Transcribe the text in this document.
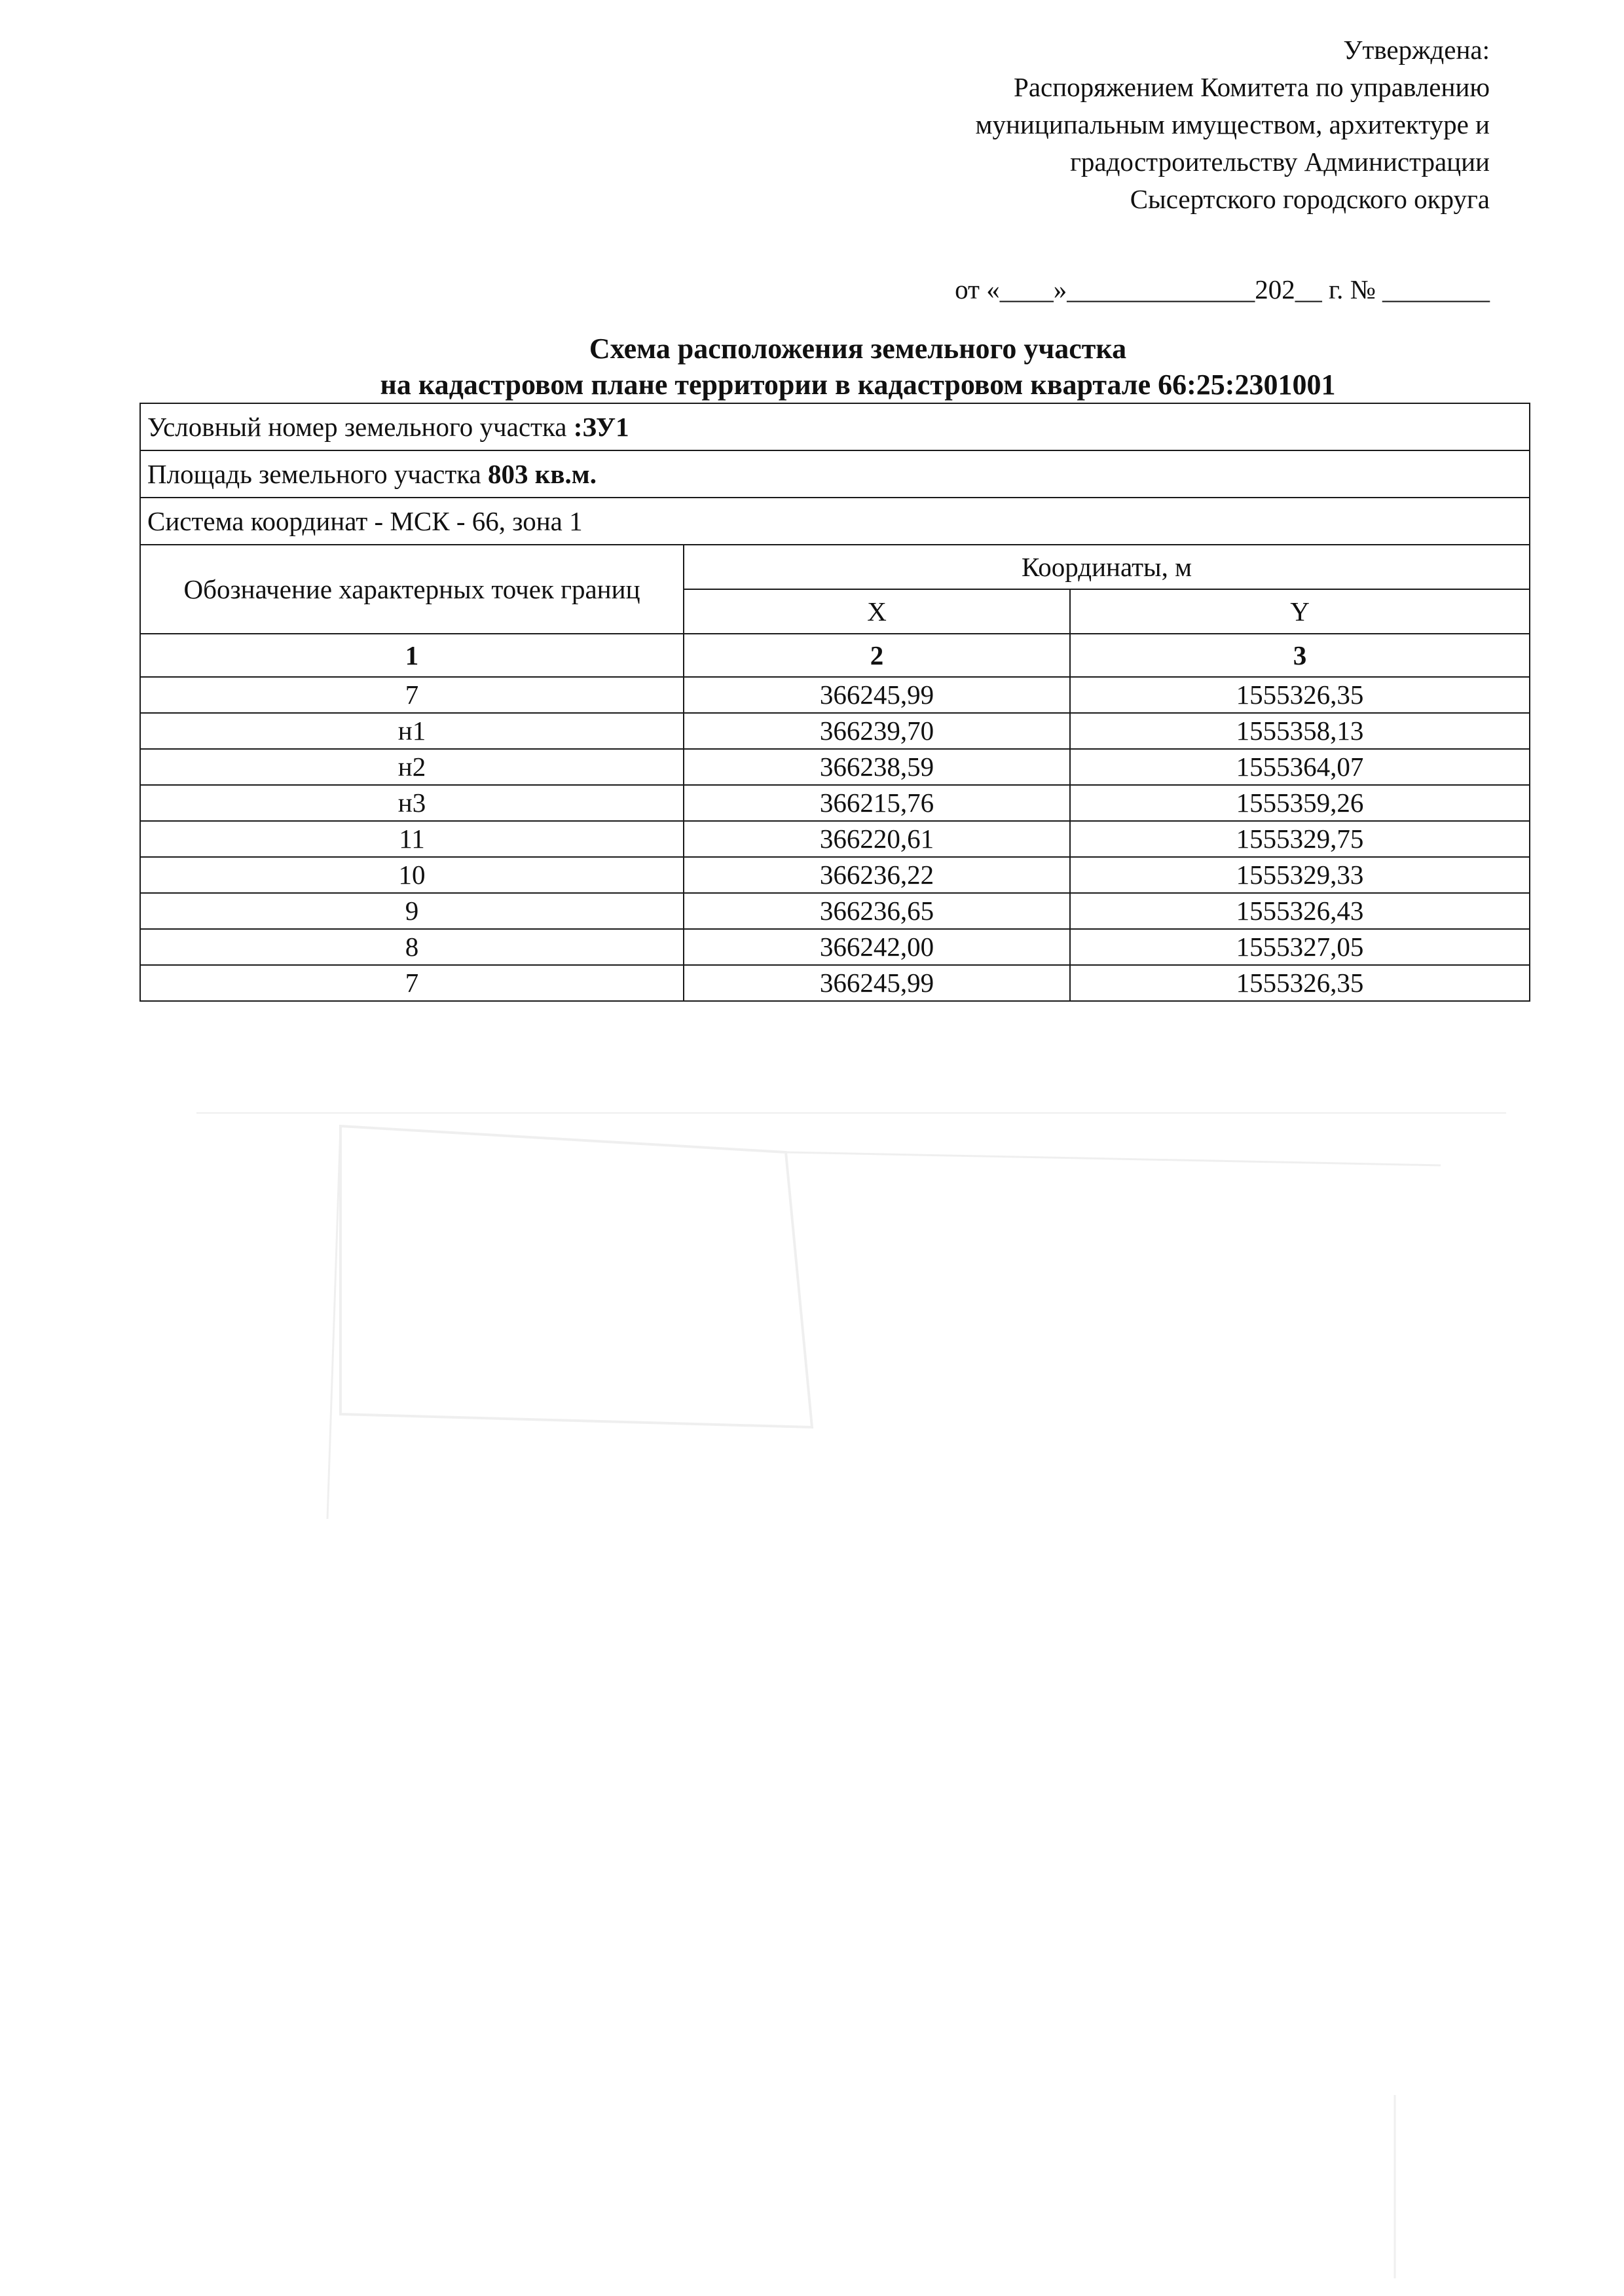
Утверждена:
Распоряжением Комитета по управлению
муниципальным имуществом, архитектуре и
градостроительству Администрации
Сысертского городского округа
от «____»______________202__ г. № ________
Схема расположения земельного участка
на кадастровом плане территории в кадастровом квартале 66:25:2301001
Условный номер земельного участка :ЗУ1		
Площадь земельного участка 803 кв.м.		
Система координат - МСК - 66, зона 1		
Обозначение характерных точек границ	Координаты, м	
	X	Y
1	2	3
7	366245,99	1555326,35
н1	366239,70	1555358,13
н2	366238,59	1555364,07
н3	366215,76	1555359,26
11	366220,61	1555329,75
10	366236,22	1555329,33
9	366236,65	1555326,43
8	366242,00	1555327,05
7	366245,99	1555326,35
